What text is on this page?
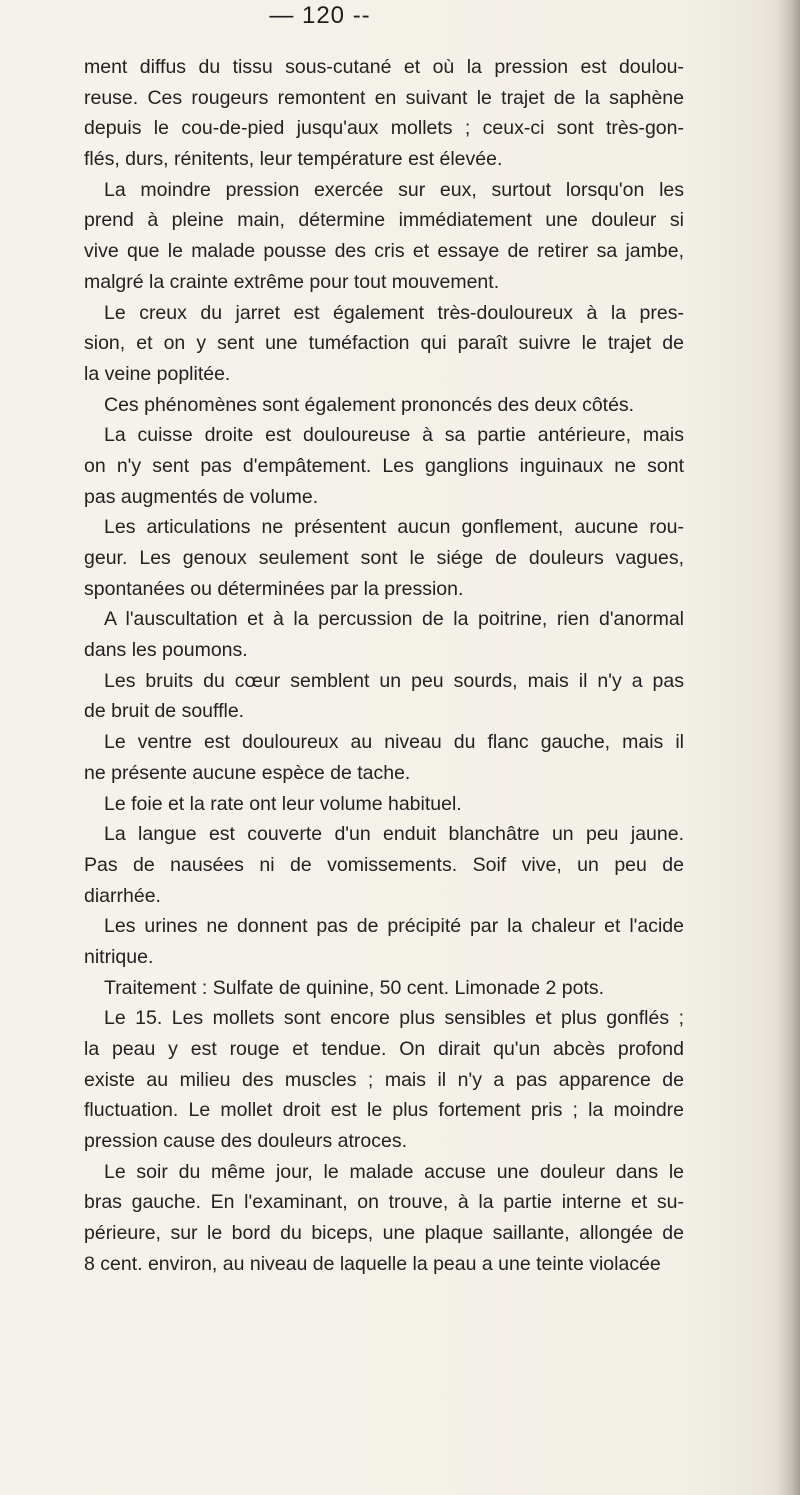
— 120 --
ment diffus du tissu sous-cutané et où la pression est doulou-
reuse. Ces rougeurs remontent en suivant le trajet de la saphène
depuis le cou-de-pied jusqu'aux mollets ; ceux-ci sont très-gon-
flés, durs, rénitents, leur température est élevée.
La moindre pression exercée sur eux, surtout lorsqu'on les
prend à pleine main, détermine immédiatement une douleur si
vive que le malade pousse des cris et essaye de retirer sa jambe,
malgré la crainte extrême pour tout mouvement.
Le creux du jarret est également très-douloureux à la pres-
sion, et on y sent une tuméfaction qui paraît suivre le trajet de
la veine poplitée.
Ces phénomènes sont également prononcés des deux côtés.
La cuisse droite est douloureuse à sa partie antérieure, mais
on n'y sent pas d'empâtement. Les ganglions inguinaux ne sont
pas augmentés de volume.
Les articulations ne présentent aucun gonflement, aucune rou-
geur. Les genoux seulement sont le siége de douleurs vagues,
spontanées ou déterminées par la pression.
A l'auscultation et à la percussion de la poitrine, rien d'anormal
dans les poumons.
Les bruits du cœur semblent un peu sourds, mais il n'y a pas
de bruit de souffle.
Le ventre est douloureux au niveau du flanc gauche, mais il
ne présente aucune espèce de tache.
Le foie et la rate ont leur volume habituel.
La langue est couverte d'un enduit blanchâtre un peu jaune.
Pas de nausées ni de vomissements. Soif vive, un peu de
diarrhée.
Les urines ne donnent pas de précipité par la chaleur et l'acide
nitrique.
Traitement : Sulfate de quinine, 50 cent. Limonade 2 pots.
Le 15. Les mollets sont encore plus sensibles et plus gonflés ;
la peau y est rouge et tendue. On dirait qu'un abcès profond
existe au milieu des muscles ; mais il n'y a pas apparence de
fluctuation. Le mollet droit est le plus fortement pris ; la moindre
pression cause des douleurs atroces.
Le soir du même jour, le malade accuse une douleur dans le
bras gauche. En l'examinant, on trouve, à la partie interne et su-
périeure, sur le bord du biceps, une plaque saillante, allongée de
8 cent. environ, au niveau de laquelle la peau a une teinte violacée
